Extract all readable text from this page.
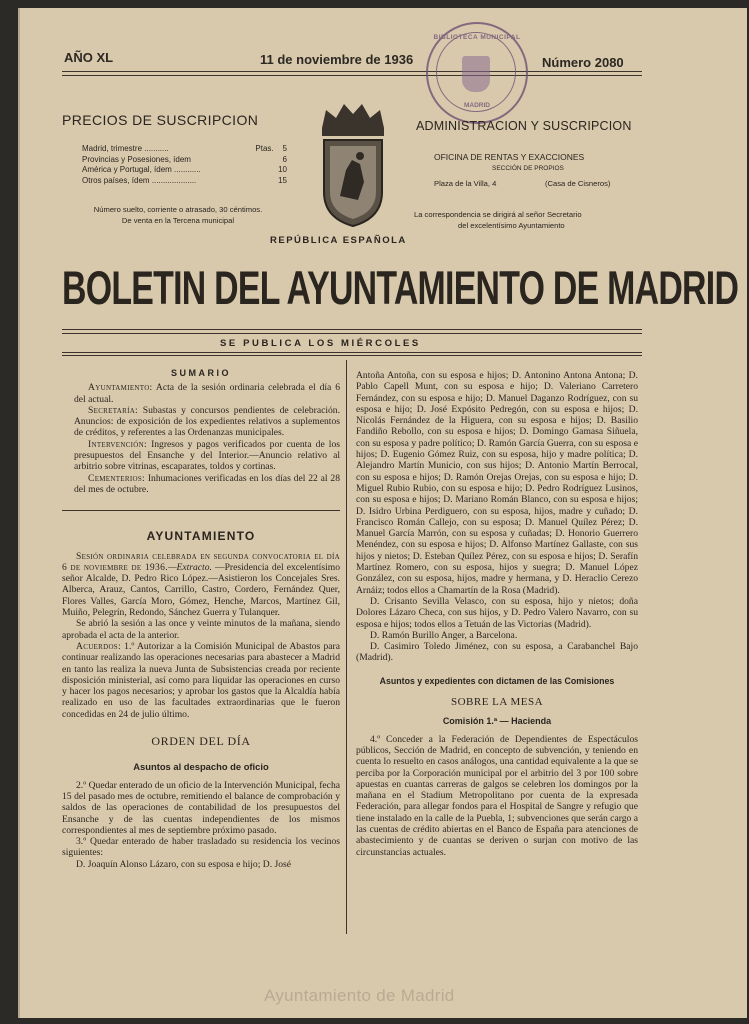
AÑO XL	11 de noviembre de 1936	Número 2080
BIBLIOTECA MUNICIPAL
MADRID
PRECIOS DE SUSCRIPCION
Madrid, trimestre ...........	Ptas. 5
Provincias y Posesiones, ídem	6
América y Portugal, ídem ............	10
Otros países, ídem ....................	15
Número suelto, corriente o atrasado, 30 céntimos.
De venta en la Tercena municipal
ADMINISTRACION Y SUSCRIPCION
OFICINA DE RENTAS Y EXACCIONES
SECCIÓN DE PROPIOS
Plaza de la Villa, 4	(Casa de Cisneros)
La correspondencia se dirigirá al señor Secretario
del excelentísimo Ayuntamiento
REPÚBLICA ESPAÑOLA
BOLETIN DEL AYUNTAMIENTO DE MADRID
SE PUBLICA LOS MIÉRCOLES
SUMARIO

Ayuntamiento: Acta de la sesión ordinaria celebrada el día 6 del actual.

Secretaría: Subastas y concursos pendientes de celebración. Anuncios: de exposición de los expedientes relativos a suplementos de créditos, y referentes a las Ordenanzas municipales.

Intervención: Ingresos y pagos verificados por cuenta de los presupuestos del Ensanche y del Interior.—Anuncio relativo al arbitrio sobre vitrinas, escaparates, toldos y cortinas.

Cementerios: Inhumaciones verificadas en los días del 22 al 28 del mes de octubre.

AYUNTAMIENTO

Sesión ordinaria celebrada en segunda convocatoria el día 6 de noviembre de 1936.—Extracto. —Presidencia del excelentísimo señor Alcalde, D. Pedro Rico López.—Asistieron los Concejales Sres. Alberca, Arauz, Cantos, Carrillo, Castro, Cordero, Fernández Quer, Flores Valles, García Moro, Gómez, Henche, Marcos, Martínez Gil, Muiño, Pelegrín, Redondo, Sánchez Guerra y Tulanquer.

Se abrió la sesión a las once y veinte minutos de la mañana, siendo aprobada el acta de la anterior.

Acuerdos: 1.º Autorizar a la Comisión Municipal de Abastos para continuar realizando las operaciones necesarias para abastecer a Madrid en tanto las realiza la nueva Junta de Subsistencias creada por reciente disposición ministerial, así como para liquidar las operaciones en curso y hacer los pagos necesarios; y aprobar los gastos que la Alcaldía había realizado en uso de las facultades extraordinarias que le fueron concedidas en 24 de julio último.

ORDEN DEL DÍA
Asuntos al despacho de oficio

2.º Quedar enterado de un oficio de la Intervención Municipal, fecha 15 del pasado mes de octubre, remitiendo el balance de comprobación y saldos de las operaciones de contabilidad de los presupuestos del Ensanche y de las cuentas independientes de los mismos correspondientes al mes de septiembre próximo pasado.

3.º Quedar enterado de haber trasladado su residencia los vecinos siguientes:

D. Joaquín Alonso Lázaro, con su esposa e hijo; D. José

Antoña Antoña, con su esposa e hijos; D. Antonino Antona Antona; D. Pablo Capell Munt, con su esposa e hijo; D. Valeriano Carretero Fernández, con su esposa e hijo; D. Manuel Daganzo Rodríguez, con su esposa e hijo; D. José Expósito Pedregón, con su esposa e hijos; D. Nicolás Fernández de la Higuera, con su esposa e hijos; D. Basilio Fandiño Rebollo, con su esposa e hijos; D. Domingo Gamasa Siñuela, con su esposa y padre político; D. Ramón García Guerra, con su esposa e hijos; D. Eugenio Gómez Ruiz, con su esposa, hijo y madre política; D. Alejandro Martín Municio, con sus hijos; D. Antonio Martín Berrocal, con su esposa e hijos; D. Ramón Orejas Orejas, con su esposa e hijo; D. Miguel Rubio Rubio, con su esposa e hijo; D. Pedro Rodríguez Lusinos, con su esposa e hijos; D. Mariano Román Blanco, con su esposa e hijos; D. Isidro Urbina Perdiguero, con su esposa, hijos, madre y cuñado; D. Francisco Román Callejo, con su esposa; D. Manuel Quílez Pérez; D. Manuel García Marrón, con su esposa y cuñadas; D. Honorio Guerrero Menéndez, con su esposa e hijos; D. Alfonso Martínez Gallaste, con sus hijos y nietos; D. Esteban Quílez Pérez, con su esposa e hijos; D. Serafín Martínez Romero, con su esposa, hijos y suegra; D. Manuel López González, con su esposa, hijos, madre y hermana, y D. Heraclio Cerezo Arnáiz; todos ellos a Chamartín de la Rosa (Madrid).

D. Crisanto Sevilla Velasco, con su esposa, hijo y nietos; doña Dolores Lázaro Checa, con sus hijos, y D. Pedro Valero Navarro, con su esposa e hijos; todos ellos a Tetuán de las Victorias (Madrid).

D. Ramón Burillo Anger, a Barcelona.

D. Casimiro Toledo Jiménez, con su esposa, a Carabanchel Bajo (Madrid).

Asuntos y expedientes con dictamen de las Comisiones
SOBRE LA MESA
Comisión 1.ª — Hacienda

4.º Conceder a la Federación de Dependientes de Espectáculos públicos, Sección de Madrid, en concepto de subvención, y teniendo en cuenta lo resuelto en casos análogos, una cantidad equivalente a la que se perciba por la Corporación municipal por el arbitrio del 3 por 100 sobre apuestas en cuantas carreras de galgos se celebren los domingos por la mañana en el Stadium Metropolitano por cuenta de la expresada Federación, para allegar fondos para el Hospital de Sangre y refugio que tiene instalado en la calle de la Puebla, 1; subvenciones que serán cargo a las cuentas de crédito abiertas en el Banco de España para atenciones de abastecimiento y de cuantas se deriven o surjan con motivo de las circunstancias actuales.

Ayuntamiento de Madrid
